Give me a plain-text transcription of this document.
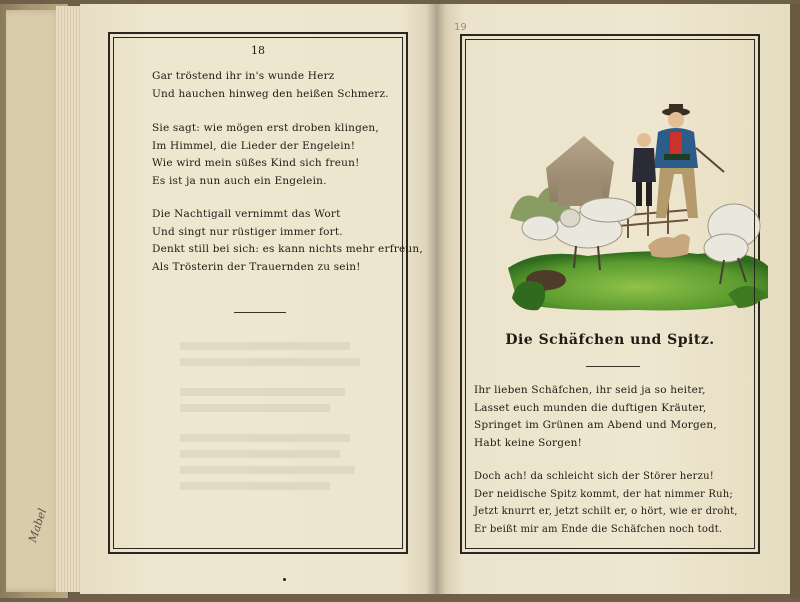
18
Gar tröstend ihr in's wunde Herz
Und hauchen hinweg den heißen Schmerz.
Sie sagt: wie mögen erst droben klingen,
Im Himmel, die Lieder der Engelein!
Wie wird mein süßes Kind sich freun!
Es ist ja nun auch ein Engelein.
Die Nachtigall vernimmt das Wort
Und singt nur rüstiger immer fort.
Denkt still bei sich: es kann nichts mehr erfreun,
Als Trösterin der Trauernden zu sein!
19
Die Schäfchen und Spitz.
Ihr lieben Schäfchen, ihr seid ja so heiter,
Lasset euch munden die duftigen Kräuter,
Springet im Grünen am Abend und Morgen,
Habt keine Sorgen!
Doch ach! da schleicht sich der Störer herzu!
Der neidische Spitz kommt, der hat nimmer Ruh;
Jetzt knurrt er, jetzt schilt er, o hört, wie er droht,
Er beißt mir am Ende die Schäfchen noch todt.
Mabel
